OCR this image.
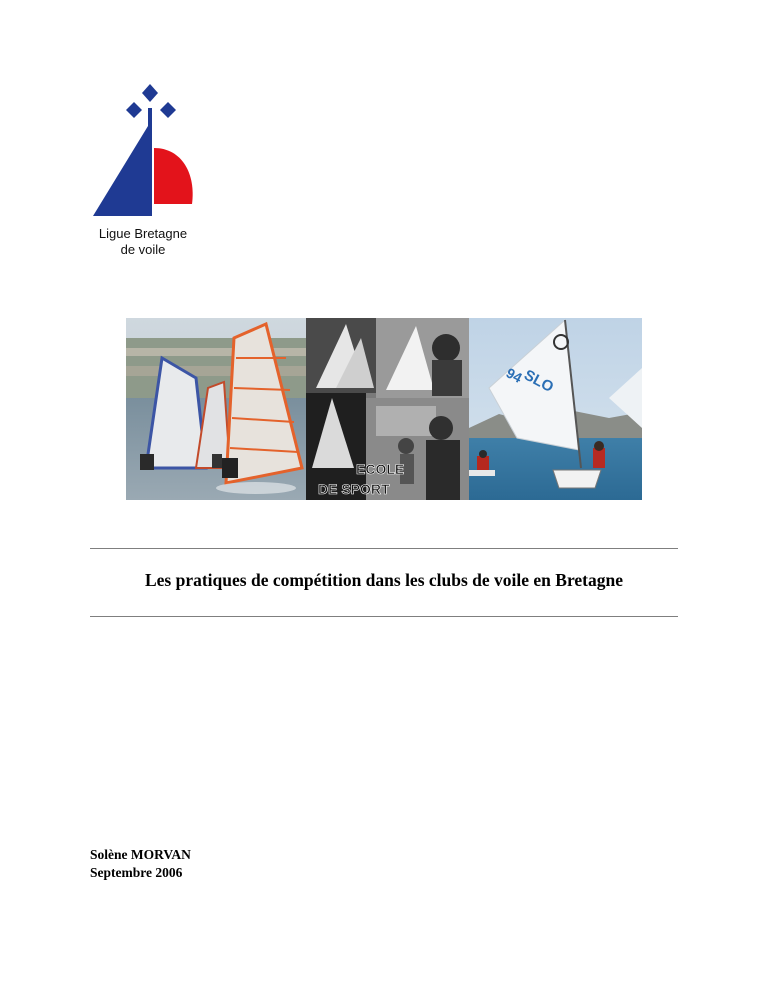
Ligue Bretagne
de voile
ECOLE
DE SPORT
SLO
94
Les pratiques de compétition dans les clubs de voile en Bretagne
Solène MORVAN
Septembre 2006
